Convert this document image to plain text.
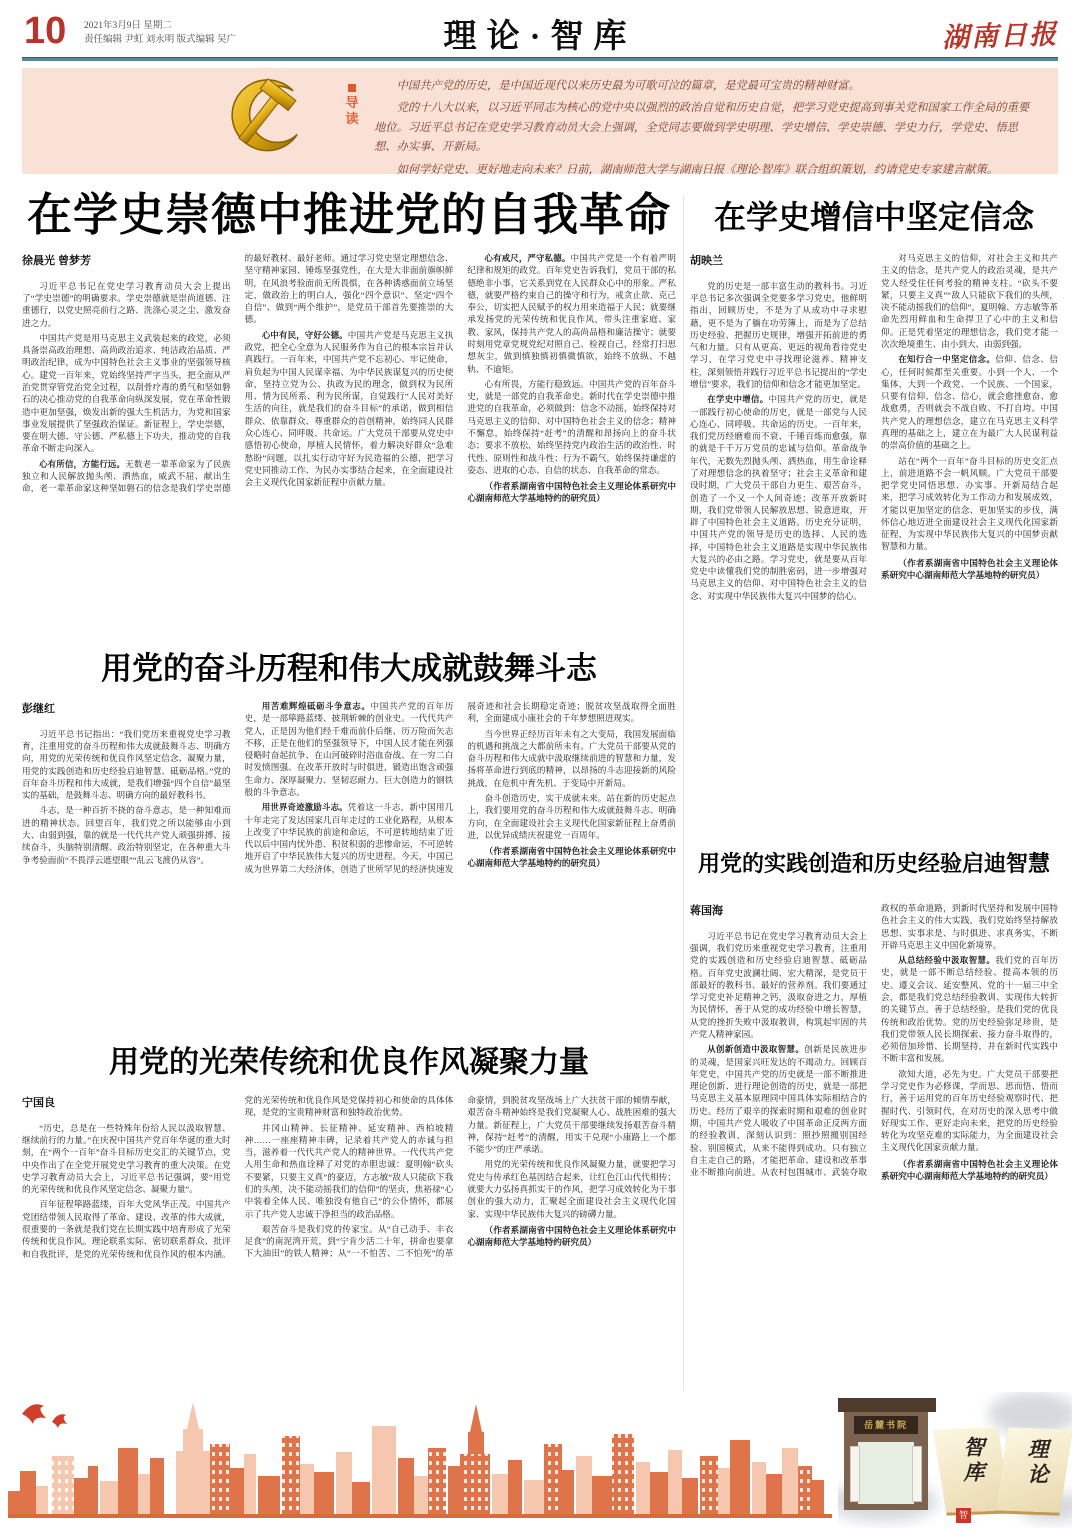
10 2021年3月9日 星期二
责任编辑 尹虹 刘永明 版式编辑 吴广	理论·智库	湖南日报
导读

中国共产党的历史，是中国近现代以来历史最为可歌可泣的篇章，是党最可宝贵的精神财富。

党的十八大以来，以习近平同志为核心的党中央以强烈的政治自觉和历史自觉，把学习党史提高到事关党和国家工作全局的重要地位。习近平总书记在党史学习教育动员大会上强调，全党同志要做到学史明理、学史增信、学史崇德、学史力行，学党史、悟思想、办实事、开新局。

如何学好党史、更好地走向未来？日前，湖南师范大学与湖南日报《理论·智库》联合组织策划，约请党史专家建言献策。

在学史崇德中推进党的自我革命
徐晨光 曾梦芳

习近平总书记在党史学习教育动员大会上提出了“学史崇德”的明确要求。学史崇德就是崇尚道德、注重德行，以党史照亮前行之路、洗涤心灵之尘、激发奋进之力。

中国共产党是用马克思主义武装起来的政党，必须具备崇高政治理想、高尚政治追求、纯洁政治品质、严明政治纪律，成为中国特色社会主义事业的坚强领导核心。建党一百年来，党始终坚持严字当头，把全面从严治党贯穿管党治党全过程，以刮骨疗毒的勇气和坚如磐石的决心推动党的自我革命向纵深发展，党在革命性锻造中更加坚强，焕发出新的强大生机活力，为党和国家事业发展提供了坚强政治保证。新征程上，学史崇德，要在明大德、守公德、严私德上下功夫，推动党的自我革命不断走向深入。

心有所信，方能行远。无数老一辈革命家为了民族独立和人民解放抛头颅、洒热血，威武不屈、献出生命，老一辈革命家这种坚如磐石的信念是我们学史崇德的最好教材、最好老师。通过学习党史坚定理想信念、坚守精神家园、锤炼坚强党性，在大是大非面前旗帜鲜明，在风浪考验面前无所畏惧，在各种诱惑面前立场坚定，做政治上的明白人，强化“四个意识”、坚定“四个自信”、做到“两个维护”，是党员干部首先要推崇的大德。

心中有民，守好公德。中国共产党是马克思主义执政党，把全心全意为人民服务作为自己的根本宗旨并认真践行。一百年来，中国共产党不忘初心、牢记使命，肩负起为中国人民谋幸福、为中华民族谋复兴的历史使命，坚持立党为公、执政为民的理念，做到权为民所用、情为民所系、利为民所谋，自觉践行“人民对美好生活的向往，就是我们的奋斗目标”的承诺，做到相信群众、依靠群众、尊重群众的首创精神，始终同人民群众心连心、同呼吸、共命运。广大党员干部要从党史中感悟初心使命，厚植人民情怀，着力解决好群众“急难愁盼”问题，以扎实行动守好为民造福的公德，把学习党史同推动工作、为民办实事结合起来，在全面建设社会主义现代化国家新征程中贡献力量。

心有戒尺，严守私德。中国共产党是一个有着严明纪律和规矩的政党。百年党史告诉我们，党员干部的私德绝非小事，它关系到党在人民群众心中的形象。严私德，就要严格约束自己的操守和行为，戒贪止欲、克己奉公，切实把人民赋予的权力用来造福于人民；就要继承发扬党的光荣传统和优良作风，带头注重家庭、家教、家风，保持共产党人的高尚品格和廉洁操守；就要时刻用党章党规党纪对照自己、检视自己，经常打扫思想灰尘，做到慎独慎初慎微慎欲，始终不放纵、不越轨、不逾矩。

心有所畏，方能行稳致远。中国共产党的百年奋斗史，就是一部党的自我革命史。新时代在学史崇德中推进党的自我革命，必须做到：信念不动摇，始终保持对马克思主义的信仰、对中国特色社会主义的信念；精神不懈怠，始终保持“赶考”的清醒和昂扬向上的奋斗状态；要求不放松，始终坚持党内政治生活的政治性、时代性、原则性和战斗性；行为不霸气，始终保持谦虚的姿态、进取的心态、自信的状态、自我革命的常态。

（作者系湖南省中国特色社会主义理论体系研究中心湖南师范大学基地特约的研究员）

在学史增信中坚定信念
胡映兰

党的历史是一部丰富生动的教科书。习近平总书记多次强调全党要多学习党史，他鲜明指出，回顾历史，不是为了从成功中寻求慰藉，更不是为了躺在功劳簿上，而是为了总结历史经验、把握历史规律，增强开拓前进的勇气和力量。只有从更高、更远的视角看待党史学习，在学习党史中寻找理论滋养、精神支柱，深刻领悟并践行习近平总书记提出的“学史增信”要求，我们的信仰和信念才能更加坚定。

在学史中增信。中国共产党的历史，就是一部践行初心使命的历史，就是一部党与人民心连心、同呼吸、共命运的历史。一百年来，我们党历经磨难而不衰、千锤百炼而愈强，靠的就是千千万万党员的忠诚与信仰。革命战争年代，无数先烈抛头颅、洒热血，用生命诠释了对理想信念的执着坚守；社会主义革命和建设时期，广大党员干部自力更生、艰苦奋斗，创造了一个又一个人间奇迹；改革开放新时期，我们党带领人民解放思想、锐意进取，开辟了中国特色社会主义道路。历史充分证明，中国共产党的领导是历史的选择、人民的选择，中国特色社会主义道路是实现中华民族伟大复兴的必由之路。学习党史，就是要从百年党史中读懂我们党的制胜密码，进一步增强对马克思主义的信仰、对中国特色社会主义的信念、对实现中华民族伟大复兴中国梦的信心。

对马克思主义的信仰，对社会主义和共产主义的信念，是共产党人的政治灵魂，是共产党人经受住任何考验的精神支柱。“砍头不要紧，只要主义真”“敌人只能砍下我们的头颅，决不能动摇我们的信仰”，夏明翰、方志敏等革命先烈用鲜血和生命捍卫了心中的主义和信仰。正是凭着坚定的理想信念，我们党才能一次次绝境重生、由小到大、由弱到强。

在知行合一中坚定信念。信仰、信念、信心，任何时候都至关重要。小到一个人、一个集体，大到一个政党、一个民族、一个国家，只要有信仰、信念、信心，就会愈挫愈奋、愈战愈勇，否则就会不战自败、不打自垮。中国共产党人的理想信念，建立在马克思主义科学真理的基础之上，建立在为最广大人民谋利益的崇高价值的基础之上。

站在“两个一百年”奋斗目标的历史交汇点上，前进道路不会一帆风顺。广大党员干部要把学党史同悟思想、办实事、开新局结合起来，把学习成效转化为工作动力和发展成效，才能以更加坚定的信念、更加坚实的步伐，满怀信心地迈进全面建设社会主义现代化国家新征程，为实现中华民族伟大复兴的中国梦贡献智慧和力量。

（作者系湖南省中国特色社会主义理论体系研究中心湖南师范大学基地特约研究员）

用党的奋斗历程和伟大成就鼓舞斗志
彭继红

习近平总书记指出：“我们党历来重视党史学习教育，注重用党的奋斗历程和伟大成就鼓舞斗志、明确方向，用党的光荣传统和优良作风坚定信念、凝聚力量，用党的实践创造和历史经验启迪智慧、砥砺品格。”党的百年奋斗历程和伟大成就，是我们增强“四个自信”最坚实的基础，是鼓舞斗志、明确方向的最好教科书。

斗志，是一种百折不挠的奋斗意志，是一种知难而进的精神状态。回望百年，我们党之所以能够由小到大、由弱到强，靠的就是一代代共产党人顽强拼搏、接续奋斗，头脑特别清醒、政治特别坚定，在各种重大斗争考验面前“不畏浮云遮望眼”“乱云飞渡仍从容”。

用苦难辉煌砥砺斗争意志。中国共产党的百年历史，是一部筚路蓝缕、披荆斩棘的创业史。一代代共产党人，正是因为他们经千难而前仆后继、历万险而矢志不移，正是在他们的坚强领导下，中国人民才能在列强侵略时奋起抗争、在山河破碎时浴血奋战、在一穷二白时发愤图强、在改革开放时与时俱进，锻造出饱含顽强生命力、深厚凝聚力、坚韧忍耐力、巨大创造力的钢铁般的斗争意志。

用世界奇迹激励斗志。凭着这一斗志，新中国用几十年走完了发达国家几百年走过的工业化路程，从根本上改变了中华民族的前途和命运，不可逆转地结束了近代以后中国内忧外患、积贫积弱的悲惨命运，不可逆转地开启了中华民族伟大复兴的历史进程。今天，中国已成为世界第二大经济体，创造了世所罕见的经济快速发展奇迹和社会长期稳定奇迹；脱贫攻坚战取得全面胜利，全面建成小康社会的千年梦想照进现实。

当今世界正经历百年未有之大变局，我国发展面临的机遇和挑战之大都前所未有。广大党员干部要从党的奋斗历程和伟大成就中汲取继续前进的智慧和力量，发扬将革命进行到底的精神，以昂扬的斗志迎接新的风险挑战，在危机中育先机、于变局中开新局。

奋斗创造历史，实干成就未来。站在新的历史起点上，我们要用党的奋斗历程和伟大成就鼓舞斗志、明确方向，在全面建设社会主义现代化国家新征程上奋勇前进，以优异成绩庆祝建党一百周年。

（作者系湖南省中国特色社会主义理论体系研究中心湖南师范大学基地特约的研究员）	用党的实践创造和历史经验启迪智慧
蒋国海

习近平总书记在党史学习教育动员大会上强调，我们党历来重视党史学习教育，注重用党的实践创造和历史经验启迪智慧、砥砺品格。百年党史波澜壮阔、宏大精深，是党员干部最好的教科书、最好的营养剂。我们要通过学习党史补足精神之钙，汲取奋进之力，厚植为民情怀，善于从党的成功经验中增长智慧，从党的挫折失败中汲取教训，构筑起牢固的共产党人精神家园。

从创新创造中汲取智慧。创新是民族进步的灵魂，是国家兴旺发达的不竭动力。回顾百年党史，中国共产党的历史就是一部不断推进理论创新、进行理论创造的历史，就是一部把马克思主义基本原理同中国具体实际相结合的历史。经历了艰辛的探索时期和艰难的创业时期，中国共产党人吸收了中国革命正反两方面的经验教训，深刻认识到：照抄照搬别国经验、别国模式，从来不能得到成功。只有独立自主走自己的路，才能把革命、建设和改革事业不断推向前进。从农村包围城市、武装夺取政权的革命道路，到新时代坚持和发展中国特色社会主义的伟大实践，我们党始终坚持解放思想、实事求是、与时俱进、求真务实，不断开辟马克思主义中国化新境界。

从总结经验中汲取智慧。我们党的百年历史，就是一部不断总结经验、提高本领的历史。遵义会议、延安整风、党的十一届三中全会，都是我们党总结经验教训、实现伟大转折的关键节点。善于总结经验，是我们党的优良传统和政治优势。党的历史经验弥足珍贵，是我们党带领人民长期探索、接力奋斗取得的，必须倍加珍惜、长期坚持，并在新时代实践中不断丰富和发展。

欲知大道，必先为史。广大党员干部要把学习党史作为必修课，学而思、思而悟、悟而行，善于运用党的百年历史经验观察时代、把握时代、引领时代，在对历史的深入思考中做好现实工作、更好走向未来，把党的历史经验转化为攻坚克难的实际能力，为全面建设社会主义现代化国家贡献力量。

（作者系湖南省中国特色社会主义理论体系研究中心湖南师范大学基地特约的研究员）

用党的光荣传统和优良作风凝聚力量
宁国良

“历史，总是在一些特殊年份给人民以汲取智慧、继续前行的力量。”在庆祝中国共产党百年华诞的重大时刻，在“两个一百年”奋斗目标历史交汇的关键节点，党中央作出了在全党开展党史学习教育的重大决策。在党史学习教育动员大会上，习近平总书记强调，要“用党的光荣传统和优良作风坚定信念、凝聚力量”。

百年征程筚路蓝缕，百年大党风华正茂。中国共产党团结带领人民取得了革命、建设、改革的伟大成就，很重要的一条就是我们党在长期实践中培育形成了光荣传统和优良作风。理论联系实际、密切联系群众、批评和自我批评，是党的光荣传统和优良作风的根本内涵。党的光荣传统和优良作风是党保持初心和使命的具体体现，是党的宝贵精神财富和独特政治优势。

井冈山精神、长征精神、延安精神、西柏坡精神……一座座精神丰碑，记录着共产党人的赤诚与担当，滋养着一代代共产党人的精神世界。一代代共产党人用生命和热血诠释了对党的赤胆忠诚：夏明翰“砍头不要紧，只要主义真”的豪迈，方志敏“敌人只能砍下我们的头颅，决不能动摇我们的信仰”的坚贞，焦裕禄“心中装着全体人民、唯独没有他自己”的公仆情怀，都展示了共产党人忠诚干净担当的政治品格。

艰苦奋斗是我们党的传家宝。从“自己动手、丰衣足食”的南泥湾开荒，到“宁肯少活二十年，拼命也要拿下大油田”的铁人精神；从“一不怕苦、二不怕死”的革命豪情，到脱贫攻坚战场上广大扶贫干部的倾情奉献，艰苦奋斗精神始终是我们党凝聚人心、战胜困难的强大力量。新征程上，广大党员干部要继续发扬艰苦奋斗精神，保持“赶考”的清醒，用实干兑现“小康路上一个都不能少”的庄严承诺。

用党的光荣传统和优良作风凝聚力量，就要把学习党史与传承红色基因结合起来，让红色江山代代相传；就要大力弘扬真抓实干的作风，把学习成效转化为干事创业的强大动力，汇聚起全面建设社会主义现代化国家、实现中华民族伟大复兴的磅礴力量。

（作者系湖南省中国特色社会主义理论体系研究中心湖南师范大学基地特约研究员）

岳麓书院
智库 理论
智
